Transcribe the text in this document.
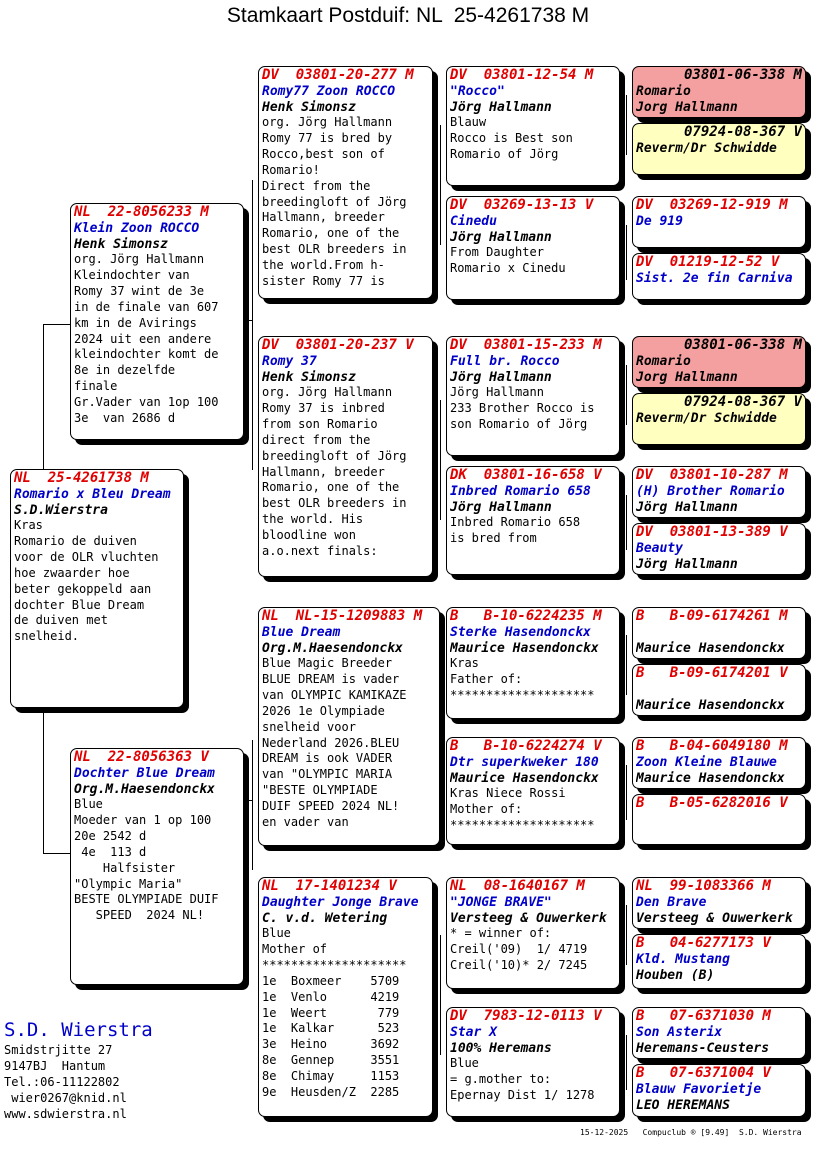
Stamkaart Postduif: NL  25-4261738 M
NL  25-4261738 M
Romario x Bleu Dream
S.D.Wierstra
Kras
Romario de duiven
voor de OLR vluchten
hoe zwaarder hoe
beter gekoppeld aan
dochter Blue Dream
de duiven met
snelheid.
NL  22-8056233 M
Klein Zoon ROCCO
Henk Simonsz
org. Jörg Hallmann
Kleindochter van
Romy 37 wint de 3e
in de finale van 607
km in de Avirings
2024 uit een andere
kleindochter komt de
8e in dezelfde
finale
Gr.Vader van 1op 100
3e  van 2686 d
NL  22-8056363 V
Dochter Blue Dream
Org.M.Haesendonckx
Blue
Moeder van 1 op 100
20e 2542 d
4e  113 d
Halfsister
"Olympic Maria"
BESTE OLYMPIADE DUIF
SPEED  2024 NL!
DV  03801-20-277 M
Romy77 Zoon ROCCO
Henk Simonsz
org. Jörg Hallmann
Romy 77 is bred by
Rocco,best son of
Romario!
Direct from the
breedingloft of Jörg
Hallmann, breeder
Romario, one of the
best OLR breeders in
the world.From h-
sister Romy 77 is
DV  03801-20-237 V
Romy 37
Henk Simonsz
org. Jörg Hallmann
Romy 37 is inbred
from son Romario
direct from the
breedingloft of Jörg
Hallmann, breeder
Romario, one of the
best OLR breeders in
the world. His
bloodline won
a.o.next finals:
NL  NL-15-1209883 M
Blue Dream
Org.M.Haesendonckx
Blue Magic Breeder
BLUE DREAM is vader
van OLYMPIC KAMIKAZE
2026 1e Olympiade
snelheid voor
Nederland 2026.BLEU
DREAM is ook VADER
van "OLYMPIC MARIA
"BESTE OLYMPIADE
DUIF SPEED 2024 NL!
en vader van
NL  17-1401234 V
Daughter Jonge Brave
C. v.d. Wetering
Blue
Mother of
********************
1e  Boxmeer    5709
1e  Venlo      4219
1e  Weert       779
1e  Kalkar      523
3e  Heino      3692
8e  Gennep     3551
8e  Chimay     1153
9e  Heusden/Z  2285
DV  03801-12-54 M
"Rocco"
Jörg Hallmann
Blauw
Rocco is Best son
Romario of Jörg
DV  03269-13-13 V
Cinedu
Jörg Hallmann
From Daughter
Romario x Cinedu
DV  03801-15-233 M
Full br. Rocco
Jörg Hallmann
Jörg Hallmann
233 Brother Rocco is
son Romario of Jörg
DK  03801-16-658 V
Inbred Romario 658
Jörg Hallmann
Inbred Romario 658
is bred from
B   B-10-6224235 M
Sterke Hasendonckx
Maurice Hasendonckx
Kras
Father of:
********************
B   B-10-6224274 V
Dtr superkweker 180
Maurice Hasendonckx
Kras Niece Rossi
Mother of:
********************
NL  08-1640167 M
"JONGE BRAVE"
Versteeg & Ouwerkerk
* = winner of:
Creil('09)  1/ 4719
Creil('10)* 2/ 7245
DV  7983-12-0113 V
Star X
100% Heremans
Blue
= g.mother to:
Epernay Dist 1/ 1278
03801-06-338 M
Romario
Jorg Hallmann
07924-08-367 V
Reverm/Dr Schwidde
DV  03269-12-919 M
De 919
DV  01219-12-52 V
Sist. 2e fin Carniva
03801-06-338 M
Romario
Jorg Hallmann
07924-08-367 V
Reverm/Dr Schwidde
DV  03801-10-287 M
(H) Brother Romario
Jörg Hallmann
DV  03801-13-389 V
Beauty
Jörg Hallmann
B   B-09-6174261 M
Maurice Hasendonckx
B   B-09-6174201 V
Maurice Hasendonckx
B   B-04-6049180 M
Zoon Kleine Blauwe
Maurice Hasendonckx
B   B-05-6282016 V
NL  99-1083366 M
Den Brave
Versteeg & Ouwerkerk
B   04-6277173 V
Kld. Mustang
Houben (B)
B   07-6371030 M
Son Asterix
Heremans-Ceusters
B   07-6371004 V
Blauw Favorietje
LEO HEREMANS
S.D. Wierstra
Smidstrjitte 27
9147BJ  Hantum
Tel.:06-11122802
wier0267@knid.nl
www.sdwierstra.nl
15-12-2025   Compuclub ® [9.49]  S.D. Wierstra
